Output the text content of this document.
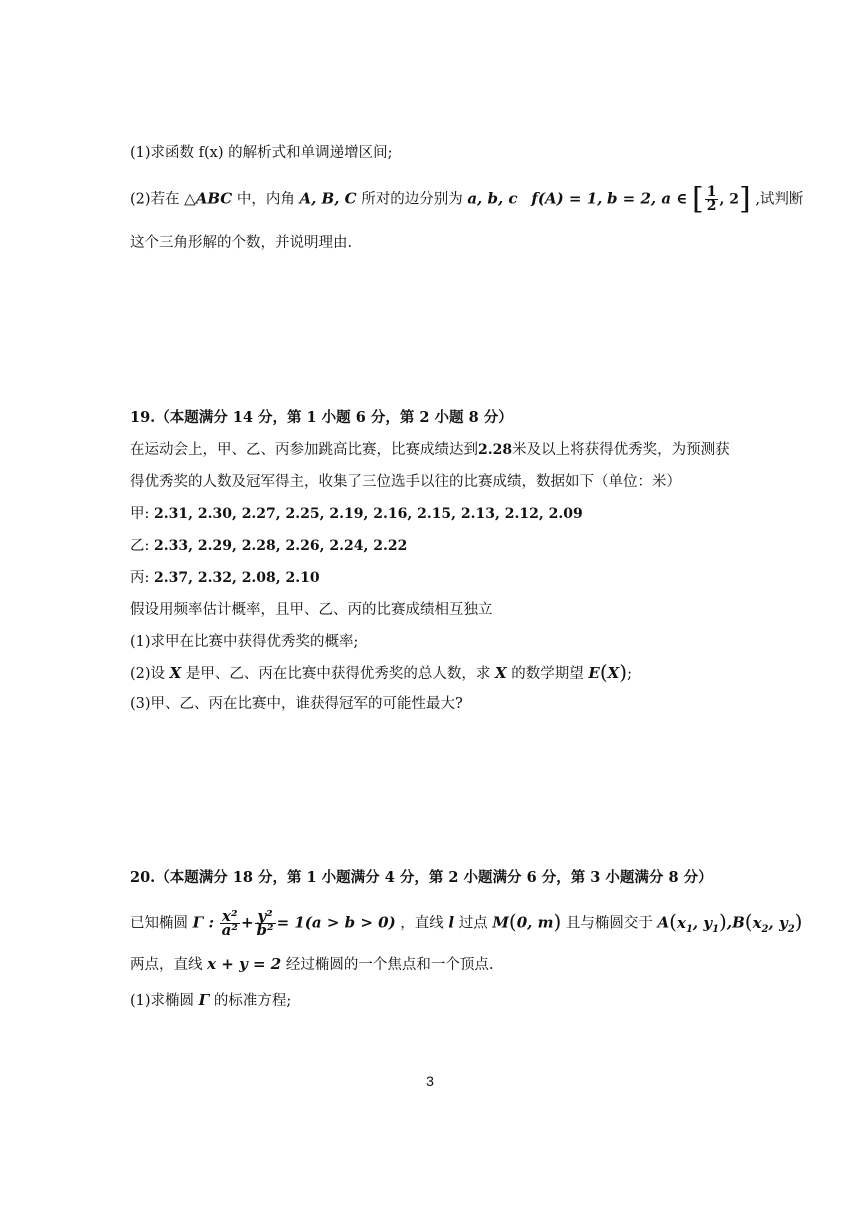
(1)求函数 f(x) 的解析式和单调递增区间;
(2)若在 △ABC 中，内角 A, B, C 所对的边分别为 a, b, c f(A) = 1, b = 2, a ∈ [ $\frac{1}{2}$ , 2] ,试判断
这个三角形解的个数，并说明理由.
19.（本题满分 14 分，第 1 小题 6 分，第 2 小题 8 分）
在运动会上，甲、乙、丙参加跳高比赛，比赛成绩达到2.28米及以上将获得优秀奖，为预测获
得优秀奖的人数及冠军得主，收集了三位选手以往的比赛成绩，数据如下（单位：米）
甲: 2.31, 2.30, 2.27, 2.25, 2.19, 2.16, 2.15, 2.13, 2.12, 2.09
乙: 2.33, 2.29, 2.28, 2.26, 2.24, 2.22
丙: 2.37, 2.32, 2.08, 2.10
假设用频率估计概率，且甲、乙、丙的比赛成绩相互独立
(1)求甲在比赛中获得优秀奖的概率;
(2)设 X 是甲、乙、丙在比赛中获得优秀奖的总人数，求 X 的数学期望 E(X);
(3)甲、乙、丙在比赛中，谁获得冠军的可能性最大?
20.（本题满分 18 分，第 1 小题满分 4 分，第 2 小题满分 6 分，第 3 小题满分 8 分）
已知椭圆 Γ : $\frac{\text{x²}}{\text{a²}} + \frac{\text{y²}}{\text{b²}} = 1(a > b > 0)$ ，直线 l 过点 M(0, m) 且与椭圆交于 $A(x_1$, $y_1),B(x_2$, $y_2$)
两点，直线 x + y = 2 经过椭圆的一个焦点和一个顶点.
(1)求椭圆 Γ 的标准方程;
3
